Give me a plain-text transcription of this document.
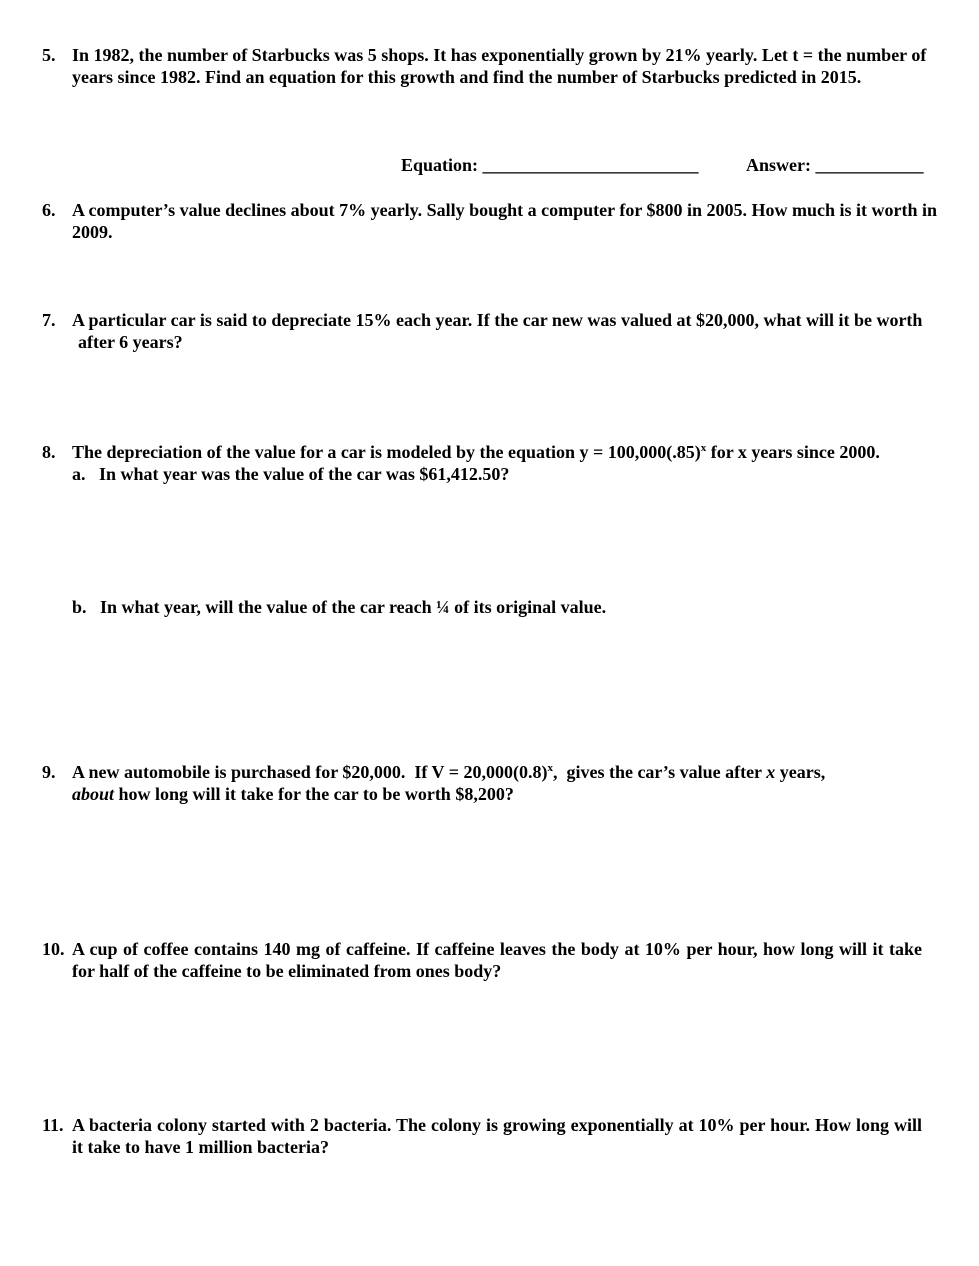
5. In 1982, the number of Starbucks was 5 shops. It has exponentially grown by 21% yearly. Let t = the number of years since 1982. Find an equation for this growth and find the number of Starbucks predicted in 2015.
Equation: ________________________	Answer: ____________
6. A computer’s value declines about 7% yearly. Sally bought a computer for $800 in 2005. How much is it worth in 2009.
7. A particular car is said to depreciate 15% each year. If the car new was valued at $20,000, what will it be worth after 6 years?
8. The depreciation of the value for a car is modeled by the equation $y = 100,000(.85)^x$ for x years since 2000.
a. In what year was the value of the car was $61,412.50?
b. In what year, will the value of the car reach ¼ of its original value.
9. A new automobile is purchased for $20,000.  If $V = 20,000(0.8)^x$,  gives the car’s value after x years,
about how long will it take for the car to be worth $8,200?
10. A cup of coffee contains 140 mg of caffeine. If caffeine leaves the body at 10% per hour, how long will it take for half of the caffeine to be eliminated from ones body?
11. A bacteria colony started with 2 bacteria. The colony is growing exponentially at 10% per hour. How long will it take to have 1 million bacteria?
